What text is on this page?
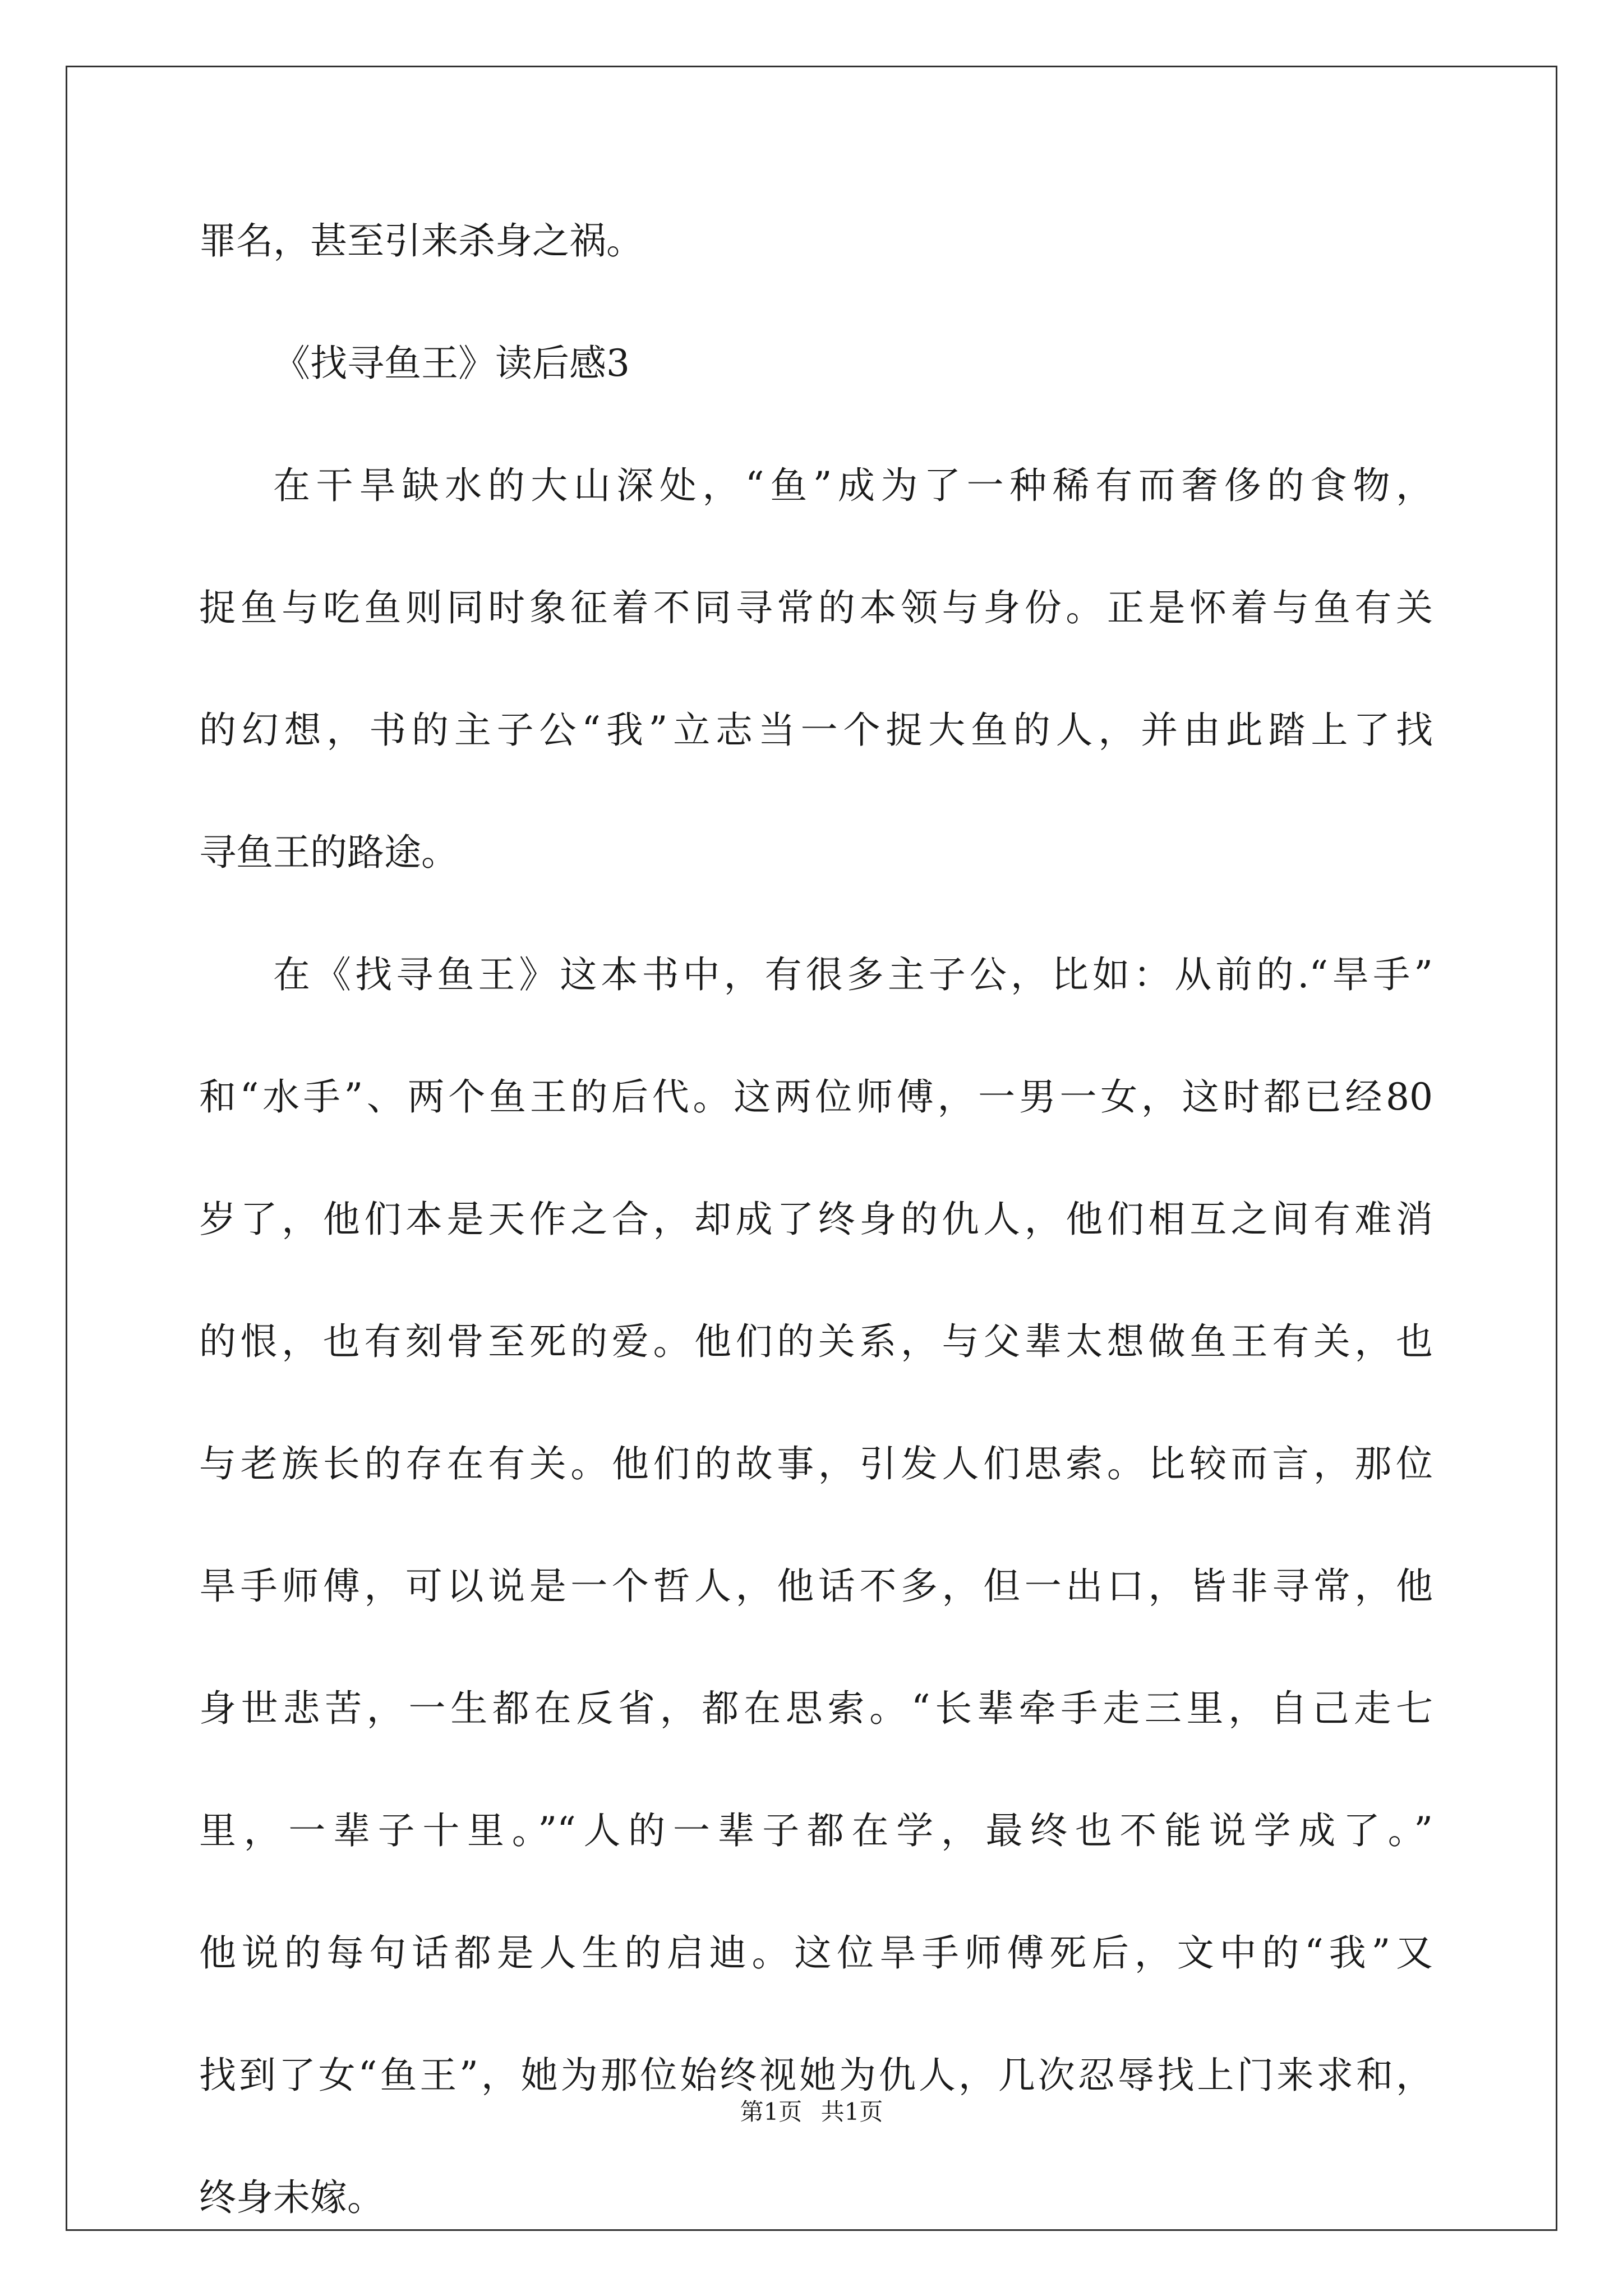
罪名，甚至引来杀身之祸。
《找寻鱼王》读后感3
在干旱缺水的大山深处，“鱼”成为了一种稀有而奢侈的食物，
捉鱼与吃鱼则同时象征着不同寻常的本领与身份。正是怀着与鱼有关
的幻想，书的主子公“我”立志当一个捉大鱼的人，并由此踏上了找
寻鱼王的路途。
在《找寻鱼王》这本书中，有很多主子公，比如：从前的.“旱手”
和“水手”、两个鱼王的后代。这两位师傅，一男一女，这时都已经80
岁了，他们本是天作之合，却成了终身的仇人，他们相互之间有难消
的恨，也有刻骨至死的爱。他们的关系，与父辈太想做鱼王有关，也
与老族长的存在有关。他们的故事，引发人们思索。比较而言，那位
旱手师傅，可以说是一个哲人，他话不多，但一出口，皆非寻常，他
身世悲苦，一生都在反省，都在思索。“长辈牵手走三里，自己走七
里，一辈子十里。”“人的一辈子都在学，最终也不能说学成了。”
他说的每句话都是人生的启迪。这位旱手师傅死后，文中的“我”又
找到了女“鱼王”，她为那位始终视她为仇人，几次忍辱找上门来求和，
终身未嫁。
第1页 共1页
